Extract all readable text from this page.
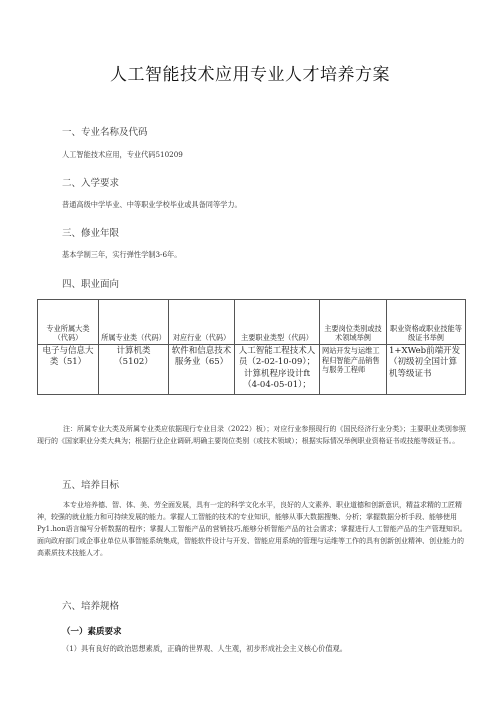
人工智能技术应用专业人才培养方案
一、专业名称及代码
人工智能技术应用，专业代码510209
二、入学要求
普通高级中学毕业、中等职业学校毕业或具备同等学力。
三、修业年限
基本学制三年，实行弹性学制3-6年。
四、职业面向
专业所属大类（代码）	所属专业类（代码）	对应行业（代码）	主要职业类型（代码）	主要岗位类别或技术领域举例	职业资格或职业技能等级证书举例
电子与信息大类（51）	计算机类（5102）	软件和信息技术服务业（65）	人工智能工程技术人员（2-02-10-09）；计算机程序设计ft（4-04-05-01）；	网站开发与运维工程归智能产品销售与服务工程师	1+XWeb前端开发（初级初全国计算机等级证书
注：所属专业大类及所属专业类应依据现行专业目录（2022）板）；对应行业参照现行的《国民经济行业分类》；主要职业类别参照现行的《国家职业分类大典为；根据行业企业调研,明确主要岗位类别（或技术领域）；根据实际情况举例职业资格证书或技能等级证书。。
五、培养目标
本专业培养德、智、体、美、劳全面发展，具有一定的科学文化水平，良好的人文素养、职业道德和创新意识，精益求精的工匠精神，较强的就业能力和可持续发展的能力。掌握人工智能的技术的专业知识，能够从事大数据搜集、分析；掌握数据分析手段、能够使用Py1.hon语言编写分析数据的程序；掌握人工智能产品的营销技巧,能够分析智能产品的社会需求；掌握进行人工智能产品的生产管理知识。面向政府部门或企事业单位从事智能系统集成，智能软件设计与开发、智能应用系统的管理与运维等工作的具有创新创业精神、创业能力的高素质技术技能人才。
六、培养规格
（一）素质要求
（1）具有良好的政治思想素质，正确的世界观、人生观，初步形成社会主义核心价值观。
